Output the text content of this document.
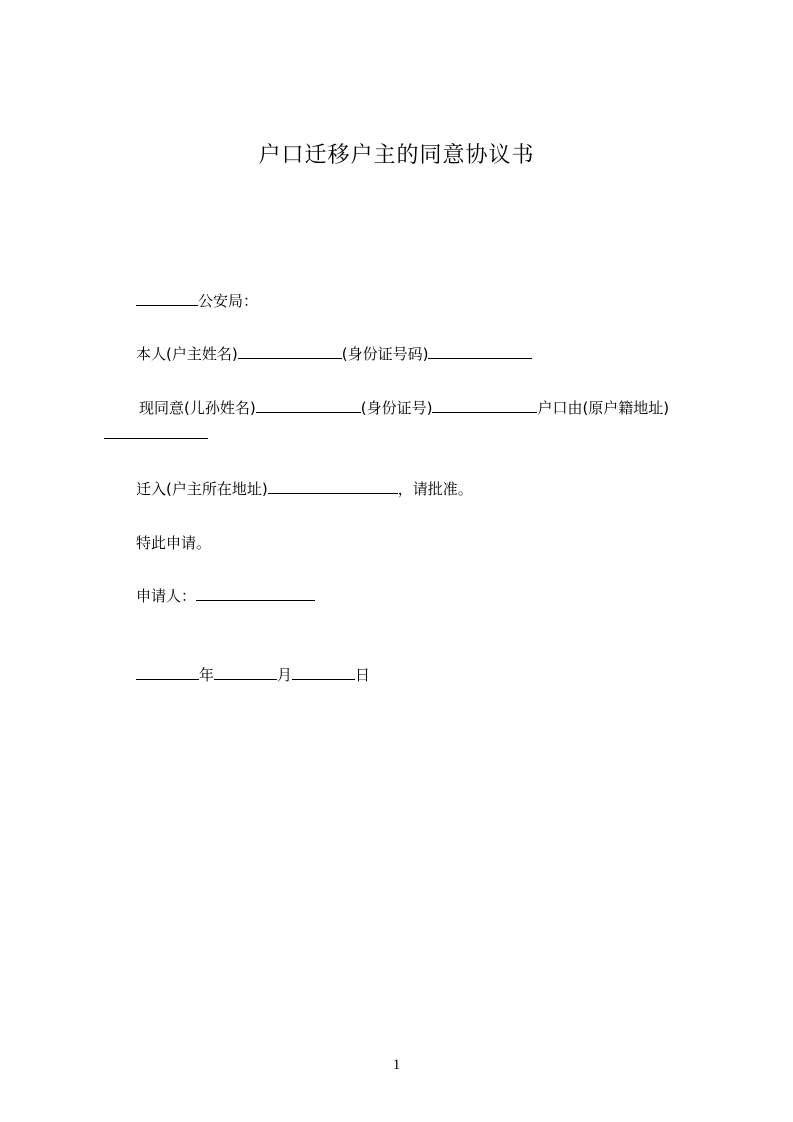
户口迁移户主的同意协议书
公安局：
本人(户主姓名)	(身份证号码)
现同意(儿孙姓名)	(身份证号)	户口由(原户籍地址)
迁入(户主所在地址)	，请批准。
特此申请。
申请人：
年	月	日
1
